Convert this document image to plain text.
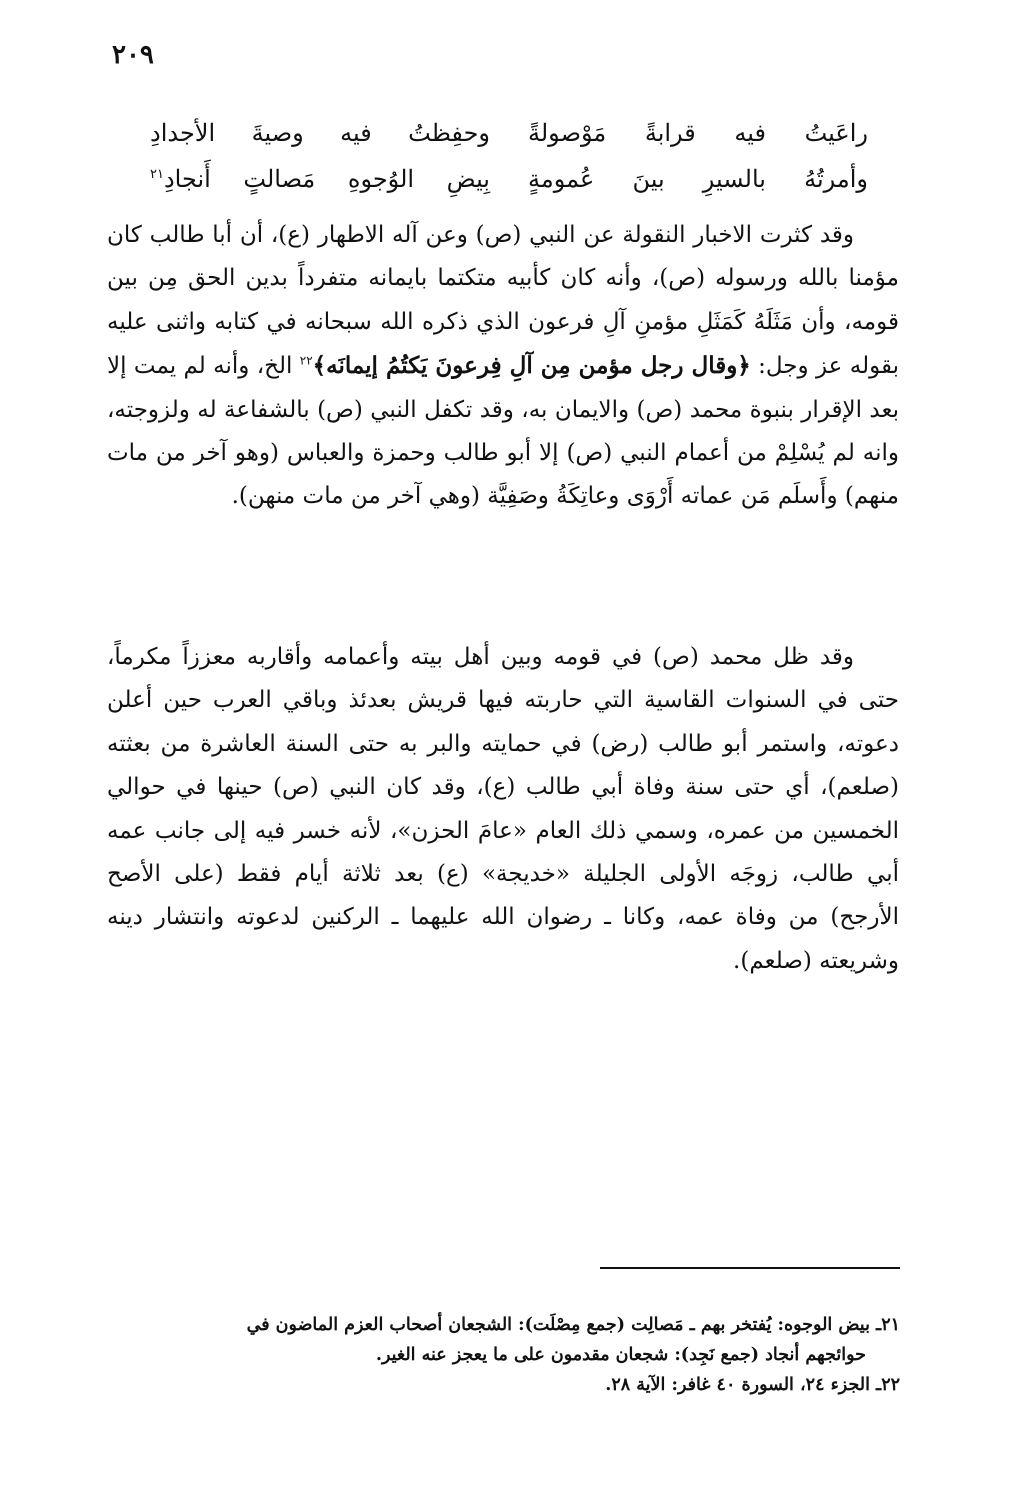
٢٠٩
راعَيتُ فيه قرابةً مَوْصولةً
وحفِظتُ فيه وصيةَ الأجدادِ
وأمرتُهُ بالسيرِ بينَ عُمومةٍ
بِيضِ الوُجوهِ مَصالتٍ أَنجادِ$^{٢١}$

وقد كثرت الاخبار النقولة عن النبي (ص) وعن آله الاطهار (ع)، أن أبا طالب كان مؤمنا بالله ورسوله (ص)، وأنه كان كأبيه متكتما بايمانه متفرداً بدين الحق مِن بين قومه، وأن مَثَلَهُ كَمَثَلِ مؤمنِ آلِ فرعون الذي ذكره الله سبحانه في كتابه واثنى عليه بقوله عز وجل: ﴿وقال رجل مؤمن مِن آلِ فِرعونَ يَكتُمُ إيمانَه﴾$^{٢٢}$ الخ، وأنه لم يمت إلا بعد الإقرار بنبوة محمد (ص) والايمان به، وقد تكفل النبي (ص) بالشفاعة له ولزوجته، وانه لم يُسْلِمْ من أعمام النبي (ص) إلا أبو طالب وحمزة والعباس (وهو آخر من مات منهم) وأَسلَم مَن عماته أَرْوَى وعاتِكَةُ وصَفِيَّة (وهي آخر من مات منهن).

وقد ظل محمد (ص) في قومه وبين أهل بيته وأعمامه وأقاربه معززاً مكرماً، حتى في السنوات القاسية التي حاربته فيها قريش بعدئذ وباقي العرب حين أعلن دعوته، واستمر أبو طالب (رض) في حمايته والبر به حتى السنة العاشرة من بعثته (صلعم)، أي حتى سنة وفاة أبي طالب (ع)، وقد كان النبي (ص) حينها في حوالي الخمسين من عمره، وسمي ذلك العام «عامَ الحزن»، لأنه خسر فيه إلى جانب عمه أبي طالب، زوجَه الأولى الجليلة «خديجة» (ع) بعد ثلاثة أيام فقط (على الأصح الأرجح) من وفاة عمه، وكانا ـ رضوان الله عليهما ـ الركنين لدعوته وانتشار دينه وشريعته (صلعم).

٢١ـ بيض الوجوه: يُفتخر بهم ـ مَصالِت (جمع مِصْلَت): الشجعان أصحاب العزم الماضون في

حوائجهم أنجاد (جمع نَجِد): شجعان مقدمون على ما يعجز عنه الغير.

٢٢ـ الجزء ٢٤، السورة ٤٠ غافر: الآية ٢٨.
